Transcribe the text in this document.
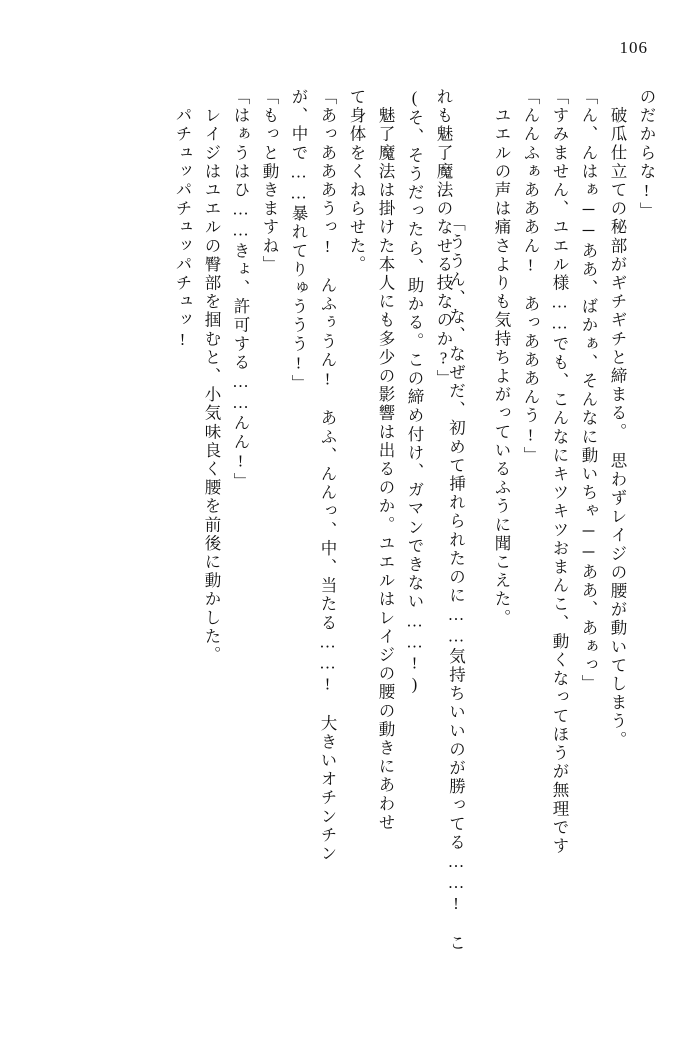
106
のだからな!」
　破瓜仕立ての秘部がギチギチと締まる。　思わずレイジの腰が動いてしまう。
「ん、んはぁ──ああ、ばかぁ、そんなに動いちゃ──ああ、あぁっ」
「すみません、ユエル様……でも、こんなにキツキツおまんこ、動くなってほうが無理です
「んんふぁあああん!　あっあああんう!」
　ユエルの声は痛さよりも気持ちよがっているふうに聞こえた。

「ううん、な、なぜだ、初めて挿れられたのに……気持ちいいのが勝ってる……!　こ

れも魅了魔法のなせる技なのか?」
(そ、そうだったら、助かる。この締め付け、ガマンできない……!)
　魅了魔法は掛けた本人にも多少の影響は出るのか。ユエルはレイジの腰の動きにあわせ
て身体をくねらせた。
「あっあああうっ!　んふぅうん!　あふ、んんっ、中、当たる……!　大きいオチンチン
が、中で……暴れてりゅううう!」
「もっと動きますね」
「はぁうはひ……きょ、許可する……んん!」
　レイジはユエルの臀部を掴むと、小気味良く腰を前後に動かした。
　パチュッパチュッパチュッ!
